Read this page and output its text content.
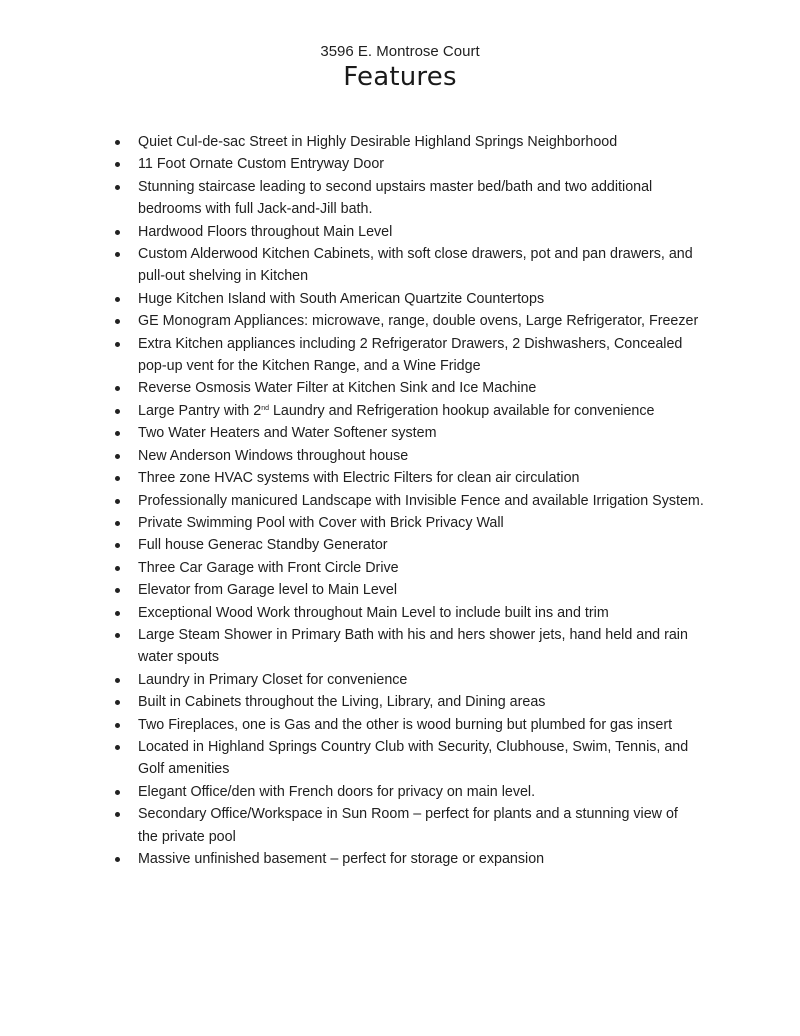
3596 E. Montrose Court
Features
Quiet Cul-de-sac Street in Highly Desirable Highland Springs Neighborhood
11 Foot Ornate Custom Entryway Door
Stunning staircase leading to second upstairs master bed/bath and two additional
bedrooms with full Jack-and-Jill bath.
Hardwood Floors throughout Main Level
Custom Alderwood Kitchen Cabinets, with soft close drawers, pot and pan drawers, and
pull-out shelving in Kitchen
Huge Kitchen Island with South American Quartzite Countertops
GE Monogram Appliances: microwave, range, double ovens, Large Refrigerator, Freezer
Extra Kitchen appliances including 2 Refrigerator Drawers, 2 Dishwashers, Concealed
pop-up vent for the Kitchen Range, and a Wine Fridge
Reverse Osmosis Water Filter at Kitchen Sink and Ice Machine
Large Pantry with 2nd Laundry and Refrigeration hookup available for convenience
Two Water Heaters and Water Softener system
New Anderson Windows throughout house
Three zone HVAC systems with Electric Filters for clean air circulation
Professionally manicured Landscape with Invisible Fence and available Irrigation System.
Private Swimming Pool with Cover with Brick Privacy Wall
Full house Generac Standby Generator
Three Car Garage with Front Circle Drive
Elevator from Garage level to Main Level
Exceptional Wood Work throughout Main Level to include built ins and trim
Large Steam Shower in Primary Bath with his and hers shower jets, hand held and rain
water spouts
Laundry in Primary Closet for convenience
Built in Cabinets throughout the Living, Library, and Dining areas
Two Fireplaces, one is Gas and the other is wood burning but plumbed for gas insert
Located in Highland Springs Country Club with Security, Clubhouse, Swim, Tennis, and
Golf amenities
Elegant Office/den with French doors for privacy on main level.
Secondary Office/Workspace in Sun Room – perfect for plants and a stunning view of
the private pool
Massive unfinished basement – perfect for storage or expansion
